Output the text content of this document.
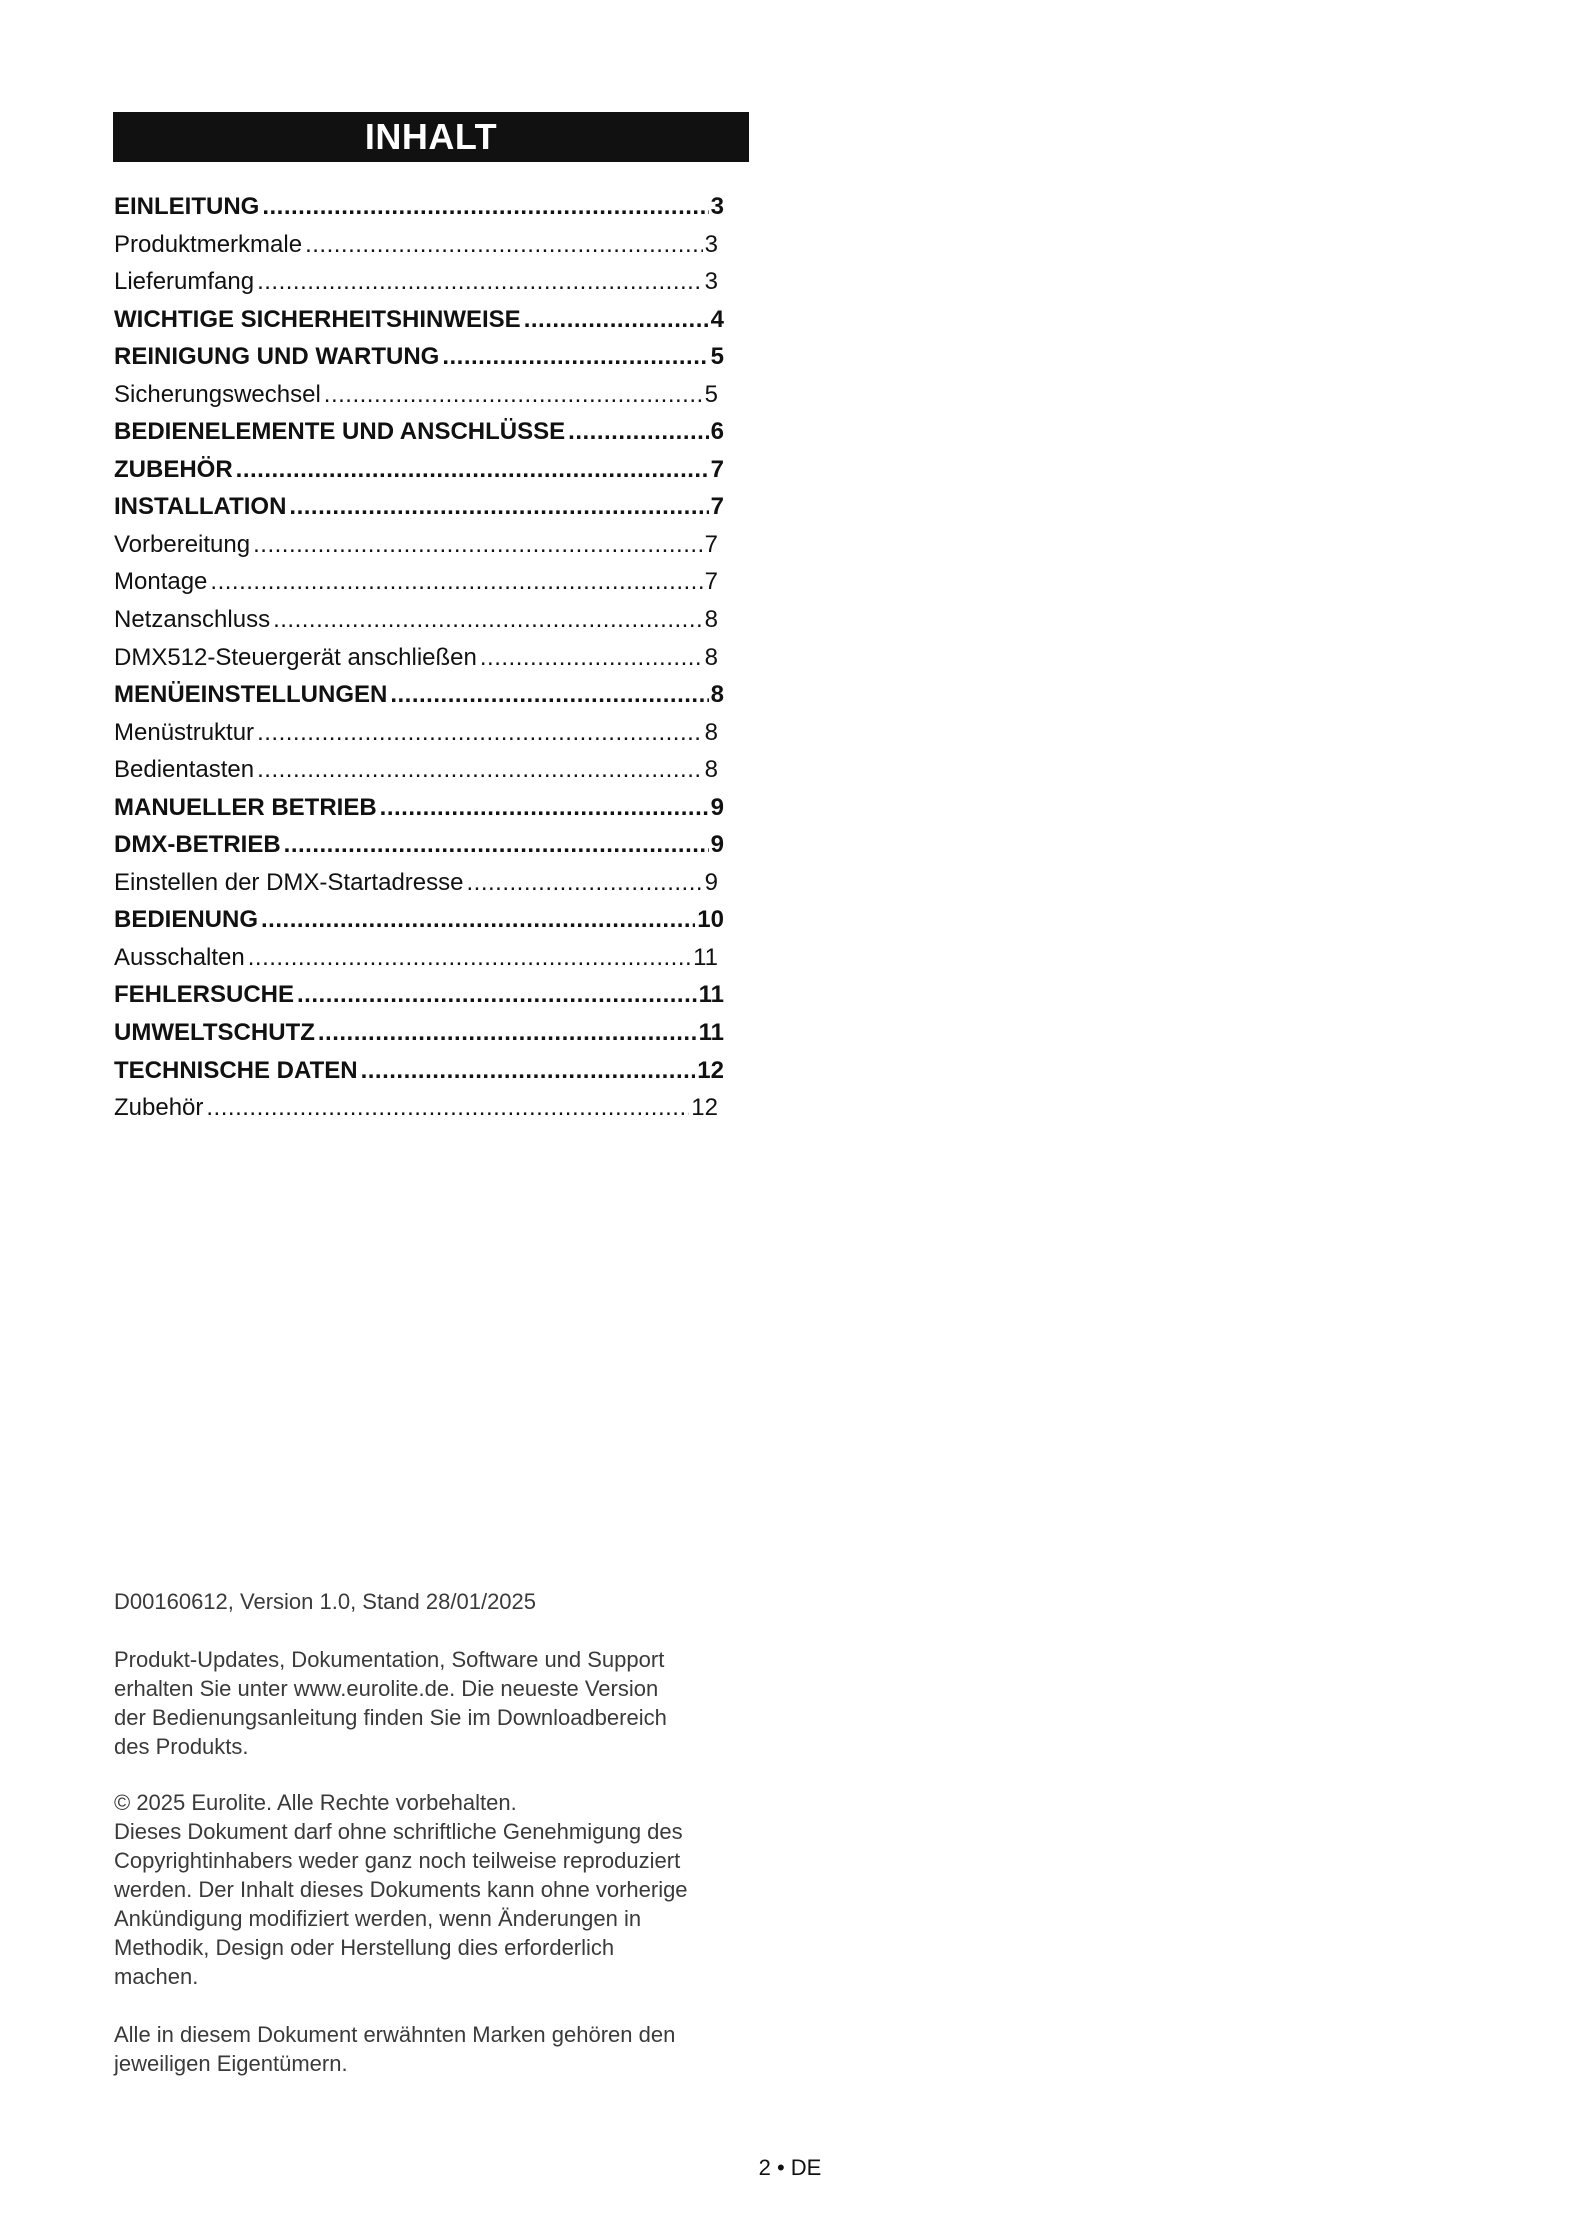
INHALT
EINLEITUNG .....	3
Produktmerkmale .....	3
Lieferumfang .....	3
WICHTIGE SICHERHEITSHINWEISE .....	4
REINIGUNG UND WARTUNG .....	5
Sicherungswechsel .....	5
BEDIENELEMENTE UND ANSCHLÜSSE .....	6
ZUBEHÖR .....	7
INSTALLATION .....	7
Vorbereitung .....	7
Montage .....	7
Netzanschluss .....	8
DMX512-Steuergerät anschließen .....	8
MENÜEINSTELLUNGEN .....	8
Menüstruktur .....	8
Bedientasten .....	8
MANUELLER BETRIEB .....	9
DMX-BETRIEB .....	9
Einstellen der DMX-Startadresse .....	9
BEDIENUNG .....	10
Ausschalten .....	11
FEHLERSUCHE .....	11
UMWELTSCHUTZ .....	11
TECHNISCHE DATEN .....	12
Zubehör .....	12

D00160612, Version 1.0, Stand 28/01/2025

Produkt-Updates, Dokumentation, Software und Support

erhalten Sie unter www.eurolite.de. Die neueste Version

der Bedienungsanleitung finden Sie im Downloadbereich

des Produkts.

© 2025 Eurolite. Alle Rechte vorbehalten.

Dieses Dokument darf ohne schriftliche Genehmigung des

Copyrightinhabers weder ganz noch teilweise reproduziert

werden. Der Inhalt dieses Dokuments kann ohne vorherige

Ankündigung modifiziert werden, wenn Änderungen in

Methodik, Design oder Herstellung dies erforderlich

machen.

Alle in diesem Dokument erwähnten Marken gehören den

jeweiligen Eigentümern.

2 • DE
